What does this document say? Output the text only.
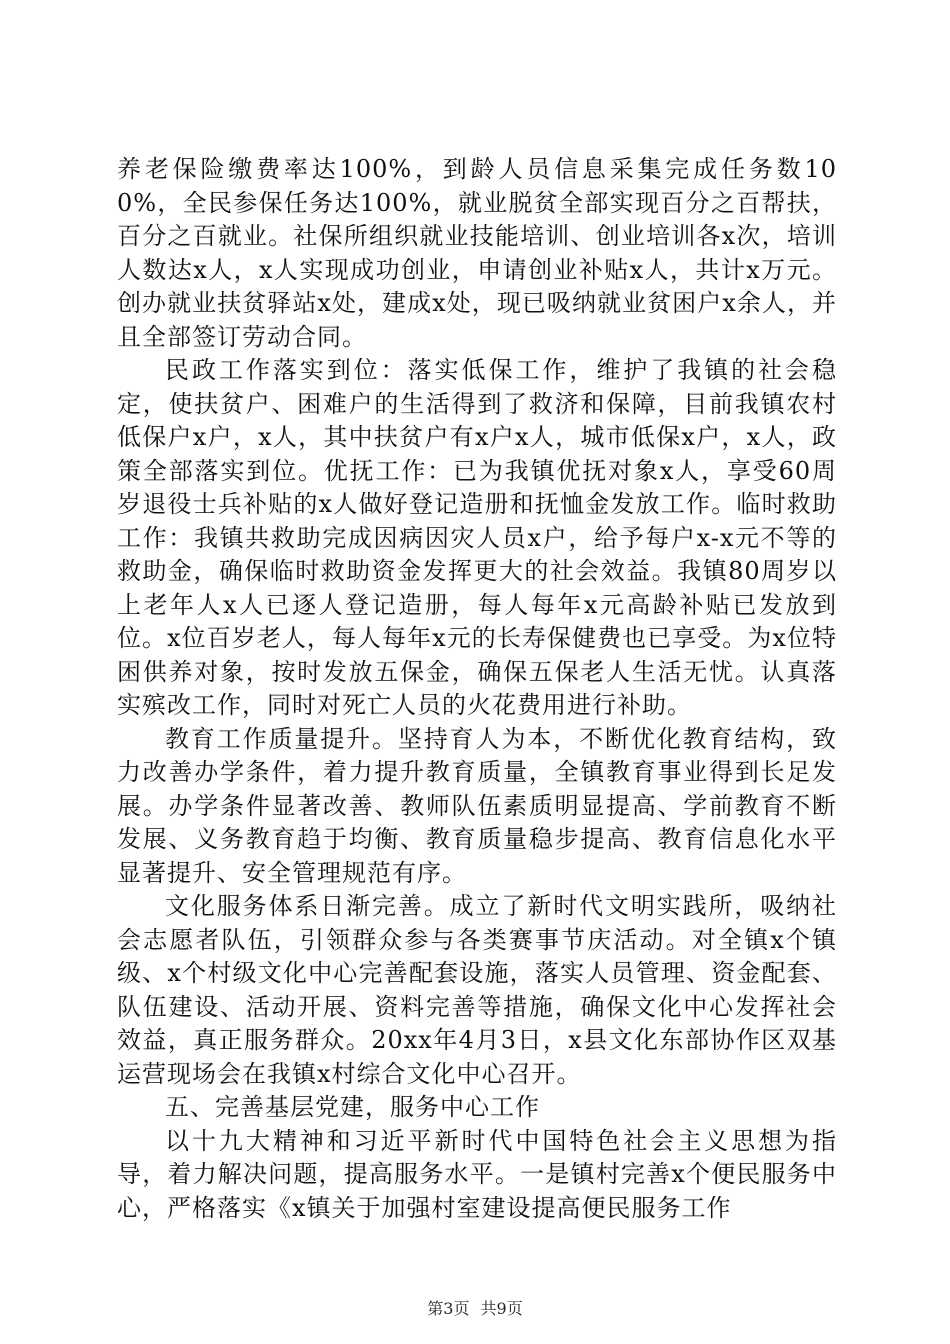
养老保险缴费率达100%，到龄人员信息采集完成任务数100%，全民参保任务达100%，就业脱贫全部实现百分之百帮扶，百分之百就业。社保所组织就业技能培训、创业培训各x次，培训人数达x人，x人实现成功创业，申请创业补贴x人，共计x万元。创办就业扶贫驿站x处，建成x处，现已吸纳就业贫困户x余人，并且全部签订劳动合同。

民政工作落实到位：落实低保工作，维护了我镇的社会稳定，使扶贫户、困难户的生活得到了救济和保障，目前我镇农村低保户x户，x人，其中扶贫户有x户x人，城市低保x户，x人，政策全部落实到位。优抚工作：已为我镇优抚对象x人，享受60周岁退役士兵补贴的x人做好登记造册和抚恤金发放工作。临时救助工作：我镇共救助完成因病因灾人员x户，给予每户x-x元不等的救助金，确保临时救助资金发挥更大的社会效益。我镇80周岁以上老年人x人已逐人登记造册，每人每年x元高龄补贴已发放到位。x位百岁老人，每人每年x元的长寿保健费也已享受。为x位特困供养对象，按时发放五保金，确保五保老人生活无忧。认真落实殡改工作，同时对死亡人员的火花费用进行补助。

教育工作质量提升。坚持育人为本，不断优化教育结构，致力改善办学条件，着力提升教育质量，全镇教育事业得到长足发展。办学条件显著改善、教师队伍素质明显提高、学前教育不断发展、义务教育趋于均衡、教育质量稳步提高、教育信息化水平显著提升、安全管理规范有序。

文化服务体系日渐完善。成立了新时代文明实践所，吸纳社会志愿者队伍，引领群众参与各类赛事节庆活动。对全镇x个镇级、x个村级文化中心完善配套设施，落实人员管理、资金配套、队伍建设、活动开展、资料完善等措施，确保文化中心发挥社会效益，真正服务群众。20xx年4月3日，x县文化东部协作区双基运营现场会在我镇x村综合文化中心召开。

五、完善基层党建，服务中心工作

以十九大精神和习近平新时代中国特色社会主义思想为指导，着力解决问题，提高服务水平。一是镇村完善x个便民服务中心，严格落实《x镇关于加强村室建设提高便民服务工作

第3页 共9页
